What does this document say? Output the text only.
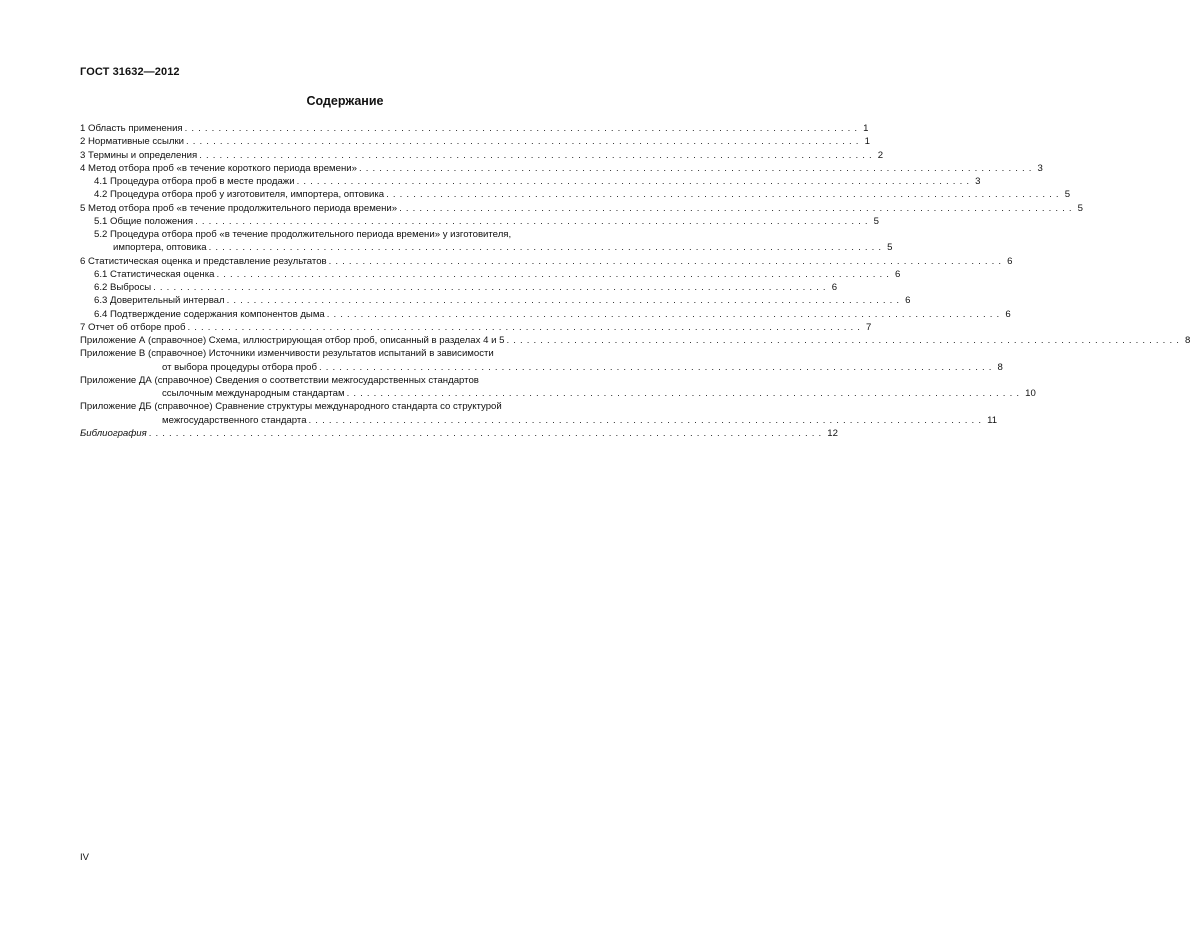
ГОСТ 31632—2012
Содержание
1 Область применения .................................................................................................... 1
2 Нормативные ссылки .................................................................................................... 1
3 Термины и определения .................................................................................................... 2
4 Метод отбора проб «в течение короткого периода времени» .................................................................................................... 3
4.1 Процедура отбора проб в месте продажи .................................................................................................... 3
4.2 Процедура отбора проб у изготовителя, импортера, оптовика .................................................................................................... 5
5 Метод отбора проб «в течение продолжительного периода времени» .................................................................................................... 5
5.1 Общие положения .................................................................................................... 5
5.2 Процедура отбора проб «в течение продолжительного периода времени» у изготовителя,
импортера, оптовика .................................................................................................... 5
6 Статистическая оценка и представление результатов .................................................................................................... 6
6.1 Статистическая оценка .................................................................................................... 6
6.2 Выбросы .................................................................................................... 6
6.3 Доверительный интервал .................................................................................................... 6
6.4 Подтверждение содержания компонентов дыма .................................................................................................... 6
7 Отчет об отборе проб .................................................................................................... 7
Приложение А (справочное) Схема, иллюстрирующая отбор проб, описанный в разделах 4 и 5 .................................................................................................... 8
Приложение В (справочное) Источники изменчивости результатов испытаний в зависимости
от выбора процедуры отбора проб .................................................................................................... 8
Приложение ДА (справочное) Сведения о соответствии межгосударственных стандартов
ссылочным международным стандартам .................................................................................................... 10
Приложение ДБ (справочное) Сравнение структуры международного стандарта со структурой
межгосударственного стандарта .................................................................................................... 11
Библиография .................................................................................................... 12
IV
